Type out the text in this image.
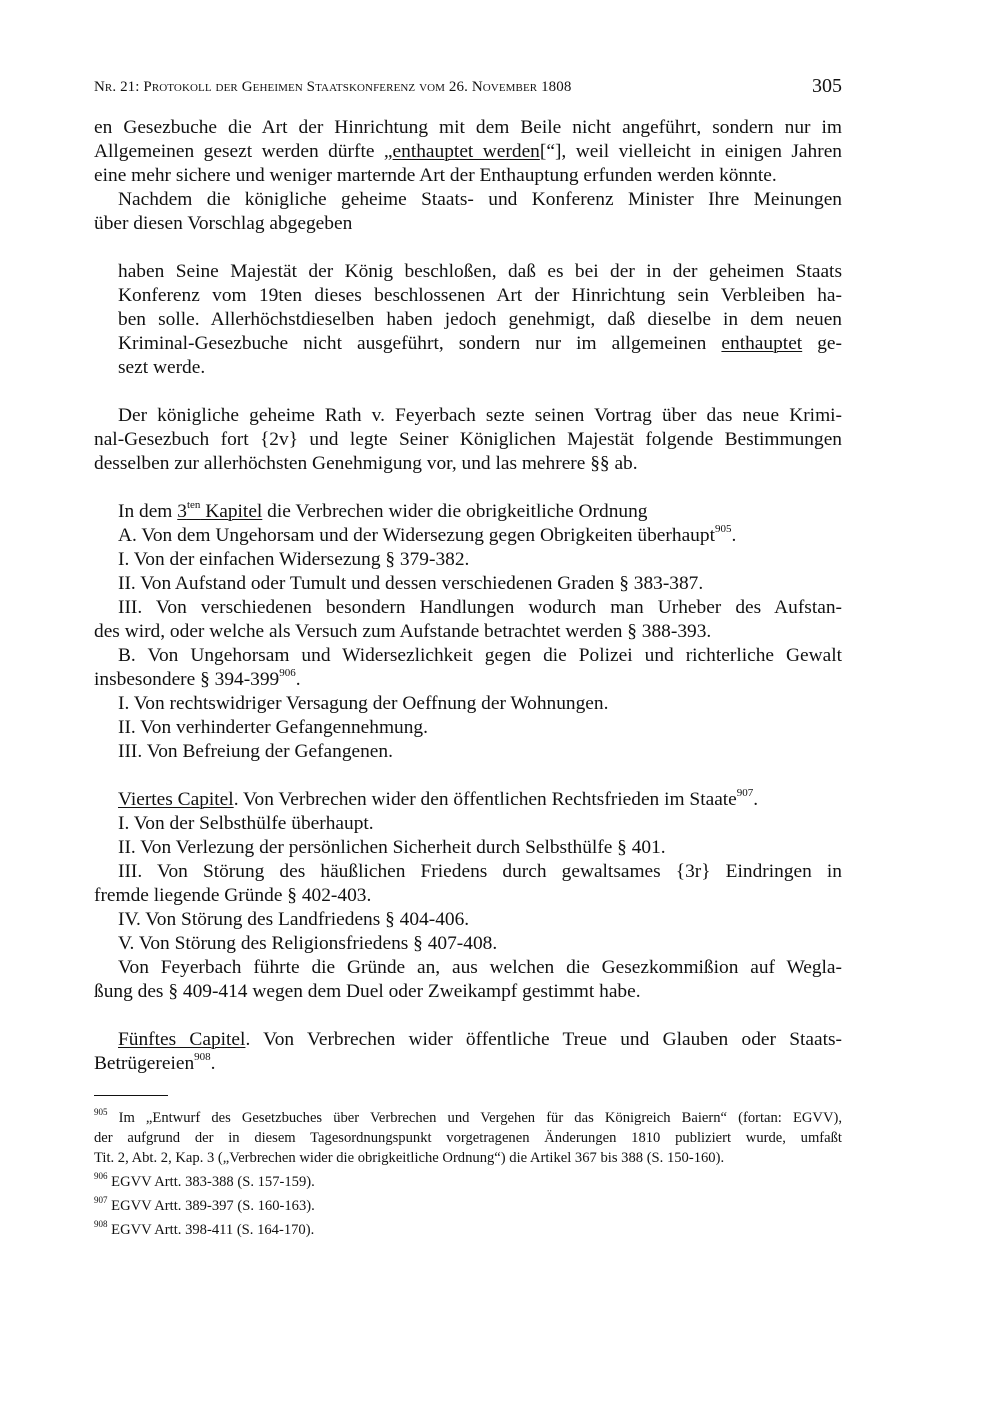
Nr. 21: Protokoll der Geheimen Staatskonferenz vom 26. November 1808	305
en Gesezbuche die Art der Hinrichtung mit dem Beile nicht angeführt, sondern nur im
Allgemeinen gesezt werden dürfte „enthauptet werden[“], weil vielleicht in einigen Jahren
eine mehr sichere und weniger marternde Art der Enthauptung erfunden werden könnte.
Nachdem die königliche geheime Staats- und Konferenz Minister Ihre Meinungen
über diesen Vorschlag abgegeben
haben Seine Majestät der König beschloßen, daß es bei der in der geheimen Staats
Konferenz vom 19ten dieses beschlossenen Art der Hinrichtung sein Verbleiben ha-
ben solle. Allerhöchstdieselben haben jedoch genehmigt, daß dieselbe in dem neuen
Kriminal-Gesezbuche nicht ausgeführt, sondern nur im allgemeinen enthauptet ge-
sezt werde.
Der königliche geheime Rath v. Feyerbach sezte seinen Vortrag über das neue Krimi-
nal-Gesezbuch fort {2v} und legte Seiner Königlichen Majestät folgende Bestimmungen
desselben zur allerhöchsten Genehmigung vor, und las mehrere §§ ab.
In dem $3^{ten}$ Kapitel die Verbrechen wider die obrigkeitliche Ordnung
A. Von dem Ungehorsam und der Widersezung gegen Obrigkeiten überhaupt$^{905}$.
I. Von der einfachen Widersezung § 379-382.
II. Von Aufstand oder Tumult und dessen verschiedenen Graden § 383-387.
III. Von verschiedenen besondern Handlungen wodurch man Urheber des Aufstan-
des wird, oder welche als Versuch zum Aufstande betrachtet werden § 388-393.
B. Von Ungehorsam und Widersezlichkeit gegen die Polizei und richterliche Gewalt
insbesondere § $394-399^{906}$.
I. Von rechtswidriger Versagung der Oeffnung der Wohnungen.
II. Von verhinderter Gefangennehmung.
III. Von Befreiung der Gefangenen.
Viertes Capitel. Von Verbrechen wider den öffentlichen Rechtsfrieden im Staate$^{907}$.
I. Von der Selbsthülfe überhaupt.
II. Von Verlezung der persönlichen Sicherheit durch Selbsthülfe § 401.
III. Von Störung des häußlichen Friedens durch gewaltsames {3r} Eindringen in
fremde liegende Gründe § 402-403.
IV. Von Störung des Landfriedens § 404-406.
V. Von Störung des Religionsfriedens § 407-408.
Von Feyerbach führte die Gründe an, aus welchen die Gesezkommißion auf Wegla-
ßung des § 409-414 wegen dem Duel oder Zweikampf gestimmt habe.
Fünftes Capitel. Von Verbrechen wider öffentliche Treue und Glauben oder Staats-
Betrügereien$^{908}$.
$^{905}$ Im „Entwurf des Gesetzbuches über Verbrechen und Vergehen für das Königreich Baiern“ (fortan: EGVV),
der aufgrund der in diesem Tagesordnungspunkt vorgetragenen Änderungen 1810 publiziert wurde, umfaßt
Tit. 2, Abt. 2, Kap. 3 („Verbrechen wider die obrigkeitliche Ordnung“) die Artikel 367 bis 388 (S. 150-160).
$^{906}$ EGVV Artt. 383-388 (S. 157-159).
$^{907}$ EGVV Artt. 389-397 (S. 160-163).
$^{908}$ EGVV Artt. 398-411 (S. 164-170).
